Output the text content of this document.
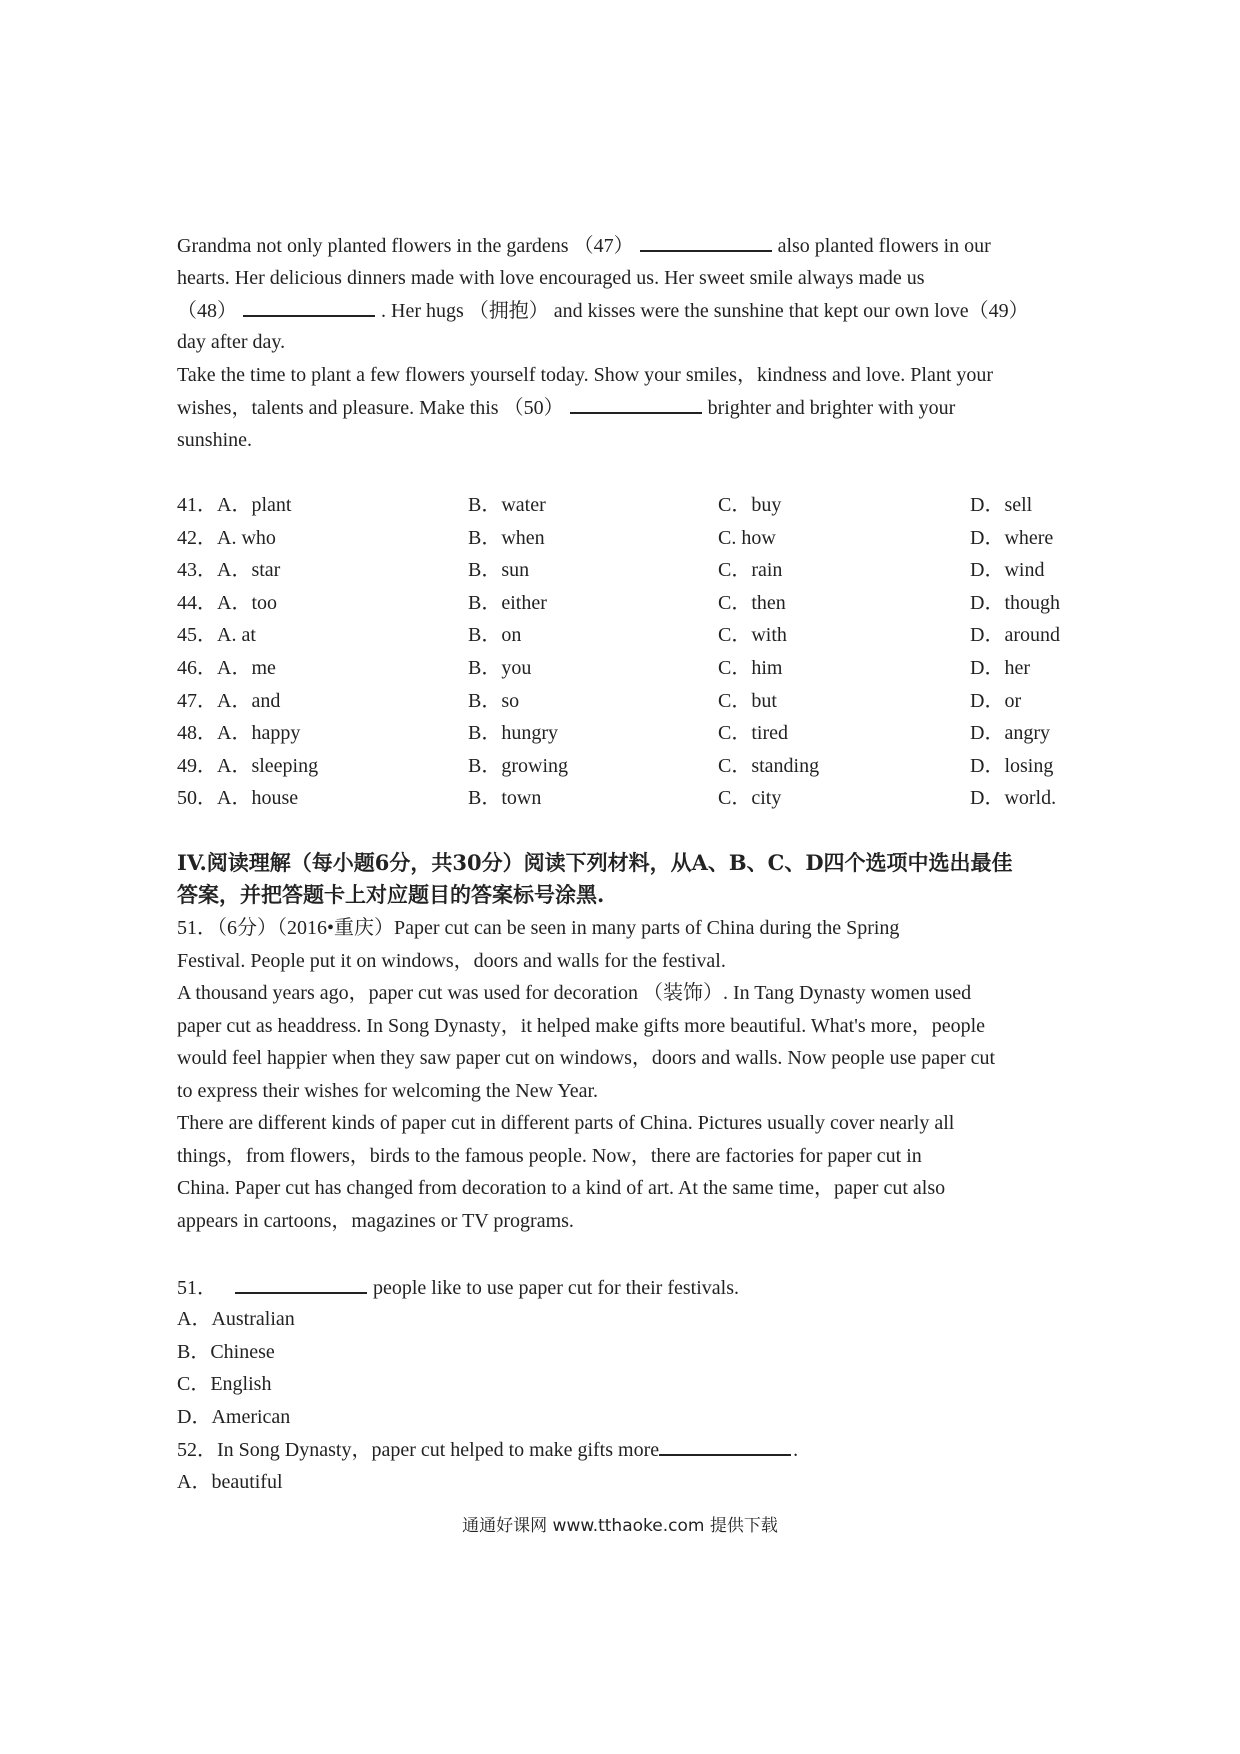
Grandma not only planted flowers in the gardens （47）	also planted flowers in our
hearts. Her delicious dinners made with love encouraged us. Her sweet smile always made us
（48）	. Her hugs （拥抱） and kisses were the sunshine that kept our own love（49）
day after day.
Take the time to plant a few flowers yourself today. Show your smiles，kindness and love. Plant your
wishes，talents and pleasure. Make this （50）	brighter and brighter with your
sunshine.
41．A．plant	B．water	C．buy	D．sell
42．A. who	B．when	C. how	D．where
43．A．star	B．sun	C．rain	D．wind
44．A．too	B．either	C．then	D．though
45．A. at	B．on	C．with	D．around
46．A．me	B．you	C．him	D．her
47．A．and	B．so	C．but	D．or
48．A．happy	B．hungry	C．tired	D．angry
49．A．sleeping	B．growing	C．standing	D．losing
50．A．house	B．town	C．city	D．world.
IV.阅读理解（每小题6分，共30分）阅读下列材料，从A、B、C、D四个选项中选出最佳
答案，并把答题卡上对应题目的答案标号涂黑.
51．（6分）（2016•重庆）Paper cut can be seen in many parts of China during the Spring
Festival. People put it on windows，doors and walls for the festival.
A thousand years ago，paper cut was used for decoration （装饰）. In Tang Dynasty women used
paper cut as headdress. In Song Dynasty，it helped make gifts more beautiful. What's more，people
would feel happier when they saw paper cut on windows，doors and walls. Now people use paper cut
to express their wishes for welcoming the New Year.
There are different kinds of paper cut in different parts of China. Pictures usually cover nearly all
things，from flowers，birds to the famous people. Now，there are factories for paper cut in
China. Paper cut has changed from decoration to a kind of art. At the same time，paper cut also
appears in cartoons，magazines or TV programs.
51．	people like to use paper cut for their festivals.
A．Australian
B．Chinese
C．English
D．American
52．In Song Dynasty，paper cut helped to make gifts more	.
A．beautiful
通通好课网 www.tthaoke.com 提供下载
